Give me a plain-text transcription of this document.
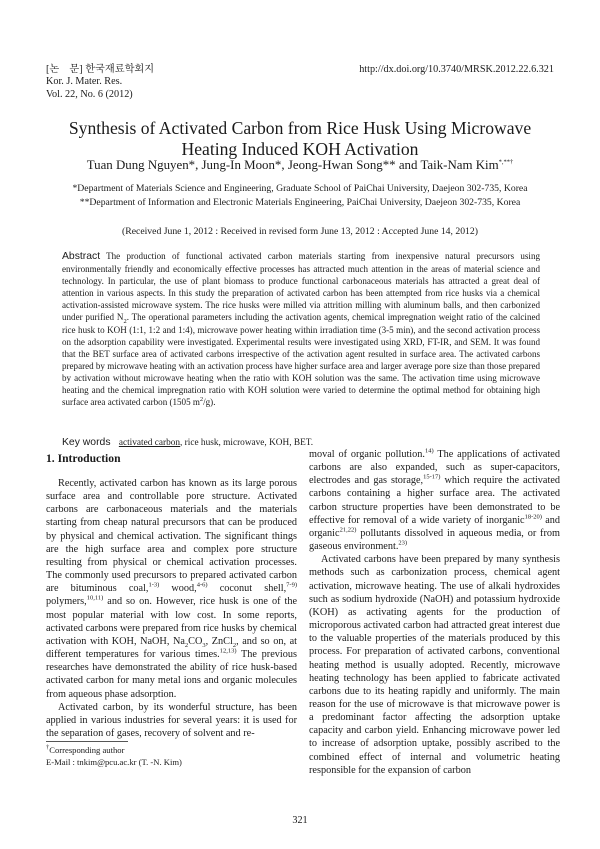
[논　문] 한국재료학회지
Kor. J. Mater. Res.
Vol. 22, No. 6 (2012)
http://dx.doi.org/10.3740/MRSK.2012.22.6.321
Synthesis of Activated Carbon from Rice Husk Using Microwave
Heating Induced KOH Activation
Tuan Dung Nguyen*, Jung-In Moon*, Jeong-Hwan Song** and Taik-Nam Kim*,**†
*Department of Materials Science and Engineering, Graduate School of PaiChai University, Daejeon 302-735, Korea
**Department of Information and Electronic Materials Engineering, PaiChai University, Daejeon 302-735, Korea
(Received June 1, 2012 : Received in revised form June 13, 2012 : Accepted June 14, 2012)
Abstract The production of functional activated carbon materials starting from inexpensive natural precursors using environmentally friendly and economically effective processes has attracted much attention in the areas of material science and technology. In particular, the use of plant biomass to produce functional carbonaceous materials has attracted a great deal of attention in various aspects. In this study the preparation of activated carbon has been attempted from rice husks via a chemical activation-assisted microwave system. The rice husks were milled via attrition milling with aluminum balls, and then carbonized under purified $N_2$. The operational parameters including the activation agents, chemical impregnation weight ratio of the calcined rice husk to KOH (1:1, 1:2 and 1:4), microwave power heating within irradiation time (3-5 min), and the second activation process on the adsorption capability were investigated. Experimental results were investigated using XRD, FT-IR, and SEM. It was found that the BET surface area of activated carbons irrespective of the activation agent resulted in surface area. The activated carbons prepared by microwave heating with an activation process have higher surface area and larger average pore size than those prepared by activation without microwave heating when the ratio with KOH solution was the same. The activation time using microwave heating and the chemical impregnation ratio with KOH solution were varied to determine the optimal method for obtaining high surface area activated carbon (1505 $m^2/g$).
Key words activated carbon, rice husk, microwave, KOH, BET.
1. Introduction

Recently, activated carbon has known as its large porous surface area and controllable pore structure. Activated carbons are carbonaceous materials and the materials starting from cheap natural precursors that can be produced by physical and chemical activation. The significant things are the high surface area and complex pore structure resulting from physical or chemical activation processes. The commonly used precursors to prepared activated carbon are bituminous coal,$^{1-3)}$ wood,$^{4-6)}$ coconut shell,$^{7-9)}$ polymers,$^{10,11)}$ and so on. However, rice husk is one of the most popular material with low cost. In some reports, activated carbons were prepared from rice husks by chemical activation with KOH, NaOH, $Na_2CO_3$, ZnCl$_2$, and so on, at different temperatures for various times.$^{12,13)}$ The previous researches have demonstrated the ability of rice husk-based activated carbon for many metal ions and organic molecules from aqueous phase adsorption.

Activated carbon, by its wonderful structure, has been applied in various industries for several years: it is used for the separation of gases, recovery of solvent and re-

moval of organic pollution.$^{14)}$ The applications of activated carbons are also expanded, such as super-capacitors, electrodes and gas storage,$^{15-17)}$ which require the activated carbons containing a higher surface area. The activated carbon structure properties have been demonstrated to be effective for removal of a wide variety of inorganic$^{18-20)}$ and organic$^{21,22)}$ pollutants dissolved in aqueous media, or from gaseous environment.$^{23)}$

Activated carbons have been prepared by many synthesis methods such as carbonization process, chemical agent activation, microwave heating. The use of alkali hydroxides such as sodium hydroxide (NaOH) and potassium hydroxide (KOH) as activating agents for the production of microporous activated carbon had attracted great interest due to the valuable properties of the materials produced by this process. For preparation of activated carbons, conventional heating method is usually adopted. Recently, microwave heating technology has been applied to fabricate activated carbons due to its heating rapidly and uniformly. The main reason for the use of microwave is that microwave power is a predominant factor affecting the adsorption uptake capacity and carbon yield. Enhancing microwave power led to increase of adsorption uptake, possibly ascribed to the combined effect of internal and volumetric heating responsible for the expansion of carbon

†Corresponding author
E-Mail : tnkim@pcu.ac.kr (T. -N. Kim)
321
